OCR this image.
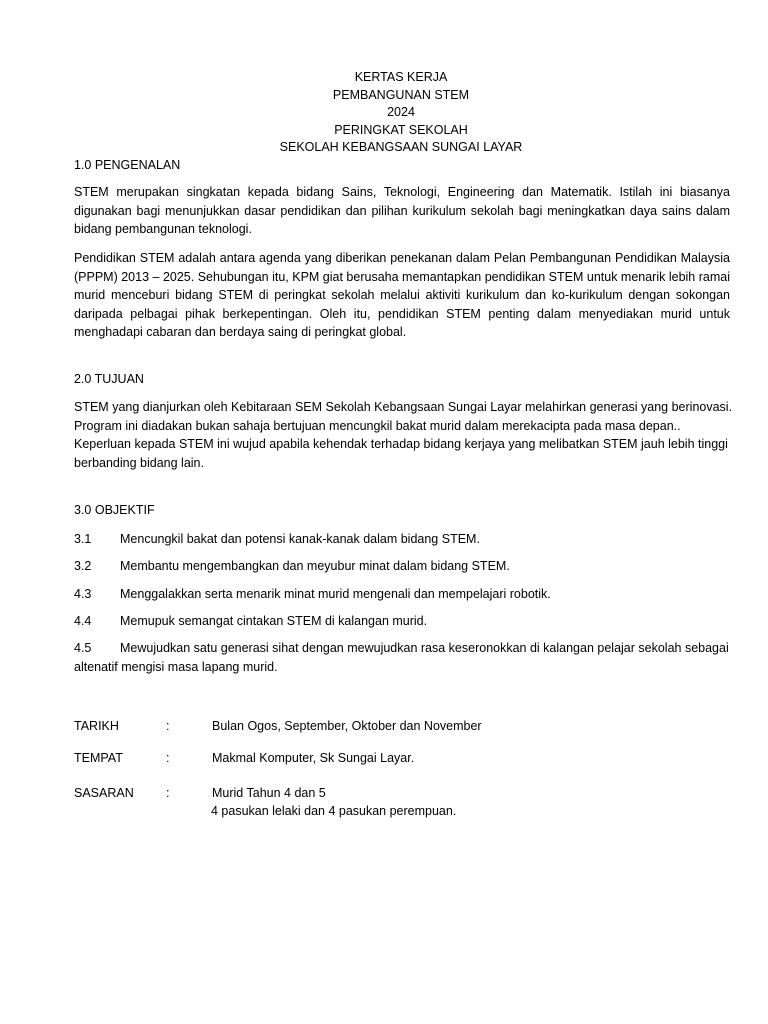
KERTAS KERJA
PEMBANGUNAN STEM
2024
PERINGKAT SEKOLAH
SEKOLAH KEBANGSAAN SUNGAI LAYAR
1.0 PENGENALAN

STEM merupakan singkatan kepada bidang Sains, Teknologi, Engineering dan Matematik. Istilah ini biasanya digunakan bagi menunjukkan dasar pendidikan dan pilihan kurikulum sekolah bagi meningkatkan daya sains dalam bidang pembangunan teknologi.

Pendidikan STEM adalah antara agenda yang diberikan penekanan dalam Pelan Pembangunan Pendidikan Malaysia (PPPM) 2013 – 2025. Sehubungan itu, KPM giat berusaha memantapkan pendidikan STEM untuk menarik lebih ramai murid menceburi bidang STEM di peringkat sekolah melalui aktiviti kurikulum dan ko-kurikulum dengan sokongan daripada pelbagai pihak berkepentingan. Oleh itu, pendidikan STEM penting dalam menyediakan murid untuk menghadapi cabaran dan berdaya saing di peringkat global.

2.0 TUJUAN

STEM yang dianjurkan oleh Kebitaraan SEM Sekolah Kebangsaan Sungai Layar melahirkan generasi yang berinovasi. Program ini diadakan bukan sahaja bertujuan mencungkil bakat murid dalam merekacipta pada masa depan.. Keperluan kepada STEM ini wujud apabila kehendak terhadap bidang kerjaya yang melibatkan STEM jauh lebih tinggi berbanding bidang lain.

3.0 OBJEKTIF
3.1 Mencungkil bakat dan potensi kanak-kanak dalam bidang STEM.
3.2 Membantu mengembangkan dan meyubur minat dalam bidang STEM.
4.3 Menggalakkan serta menarik minat murid mengenali dan mempelajari robotik.
4.4 Memupuk semangat cintakan STEM di kalangan murid.
4.5 Mewujudkan satu generasi sihat dengan mewujudkan rasa keseronokkan di kalangan pelajar sekolah sebagai altenatif mengisi masa lapang murid.
TARIKH	:	Bulan Ogos, September, Oktober dan November
TEMPAT	:	Makmal Komputer, Sk Sungai Layar.
SASARAN	:	Murid Tahun 4 dan 5
4 pasukan lelaki dan 4 pasukan perempuan.
